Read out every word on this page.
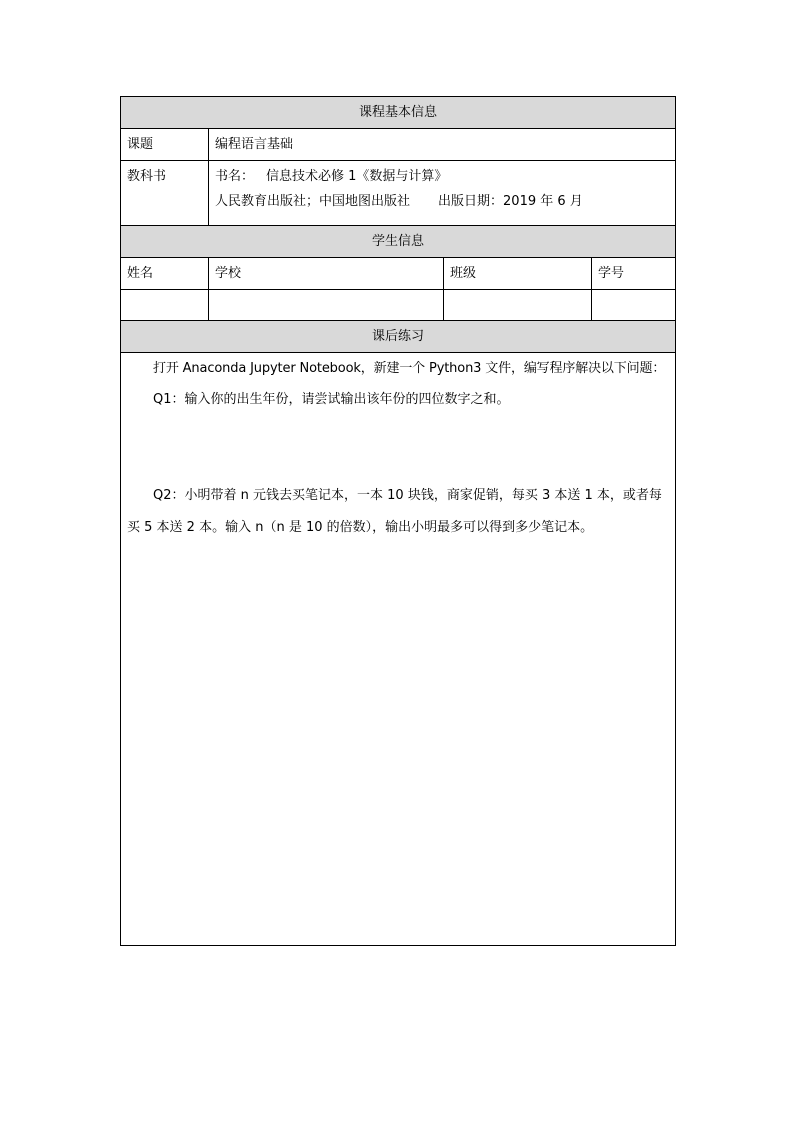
课程基本信息			
课题	编程语言基础		
教科书	书名： 信息技术必修 1《数据与计算》
人民教育出版社；中国地图出版社 出版日期：2019 年 6 月		

学生信息			
姓名	学校	班级	学号

课后练习			

打开 Anaconda Jupyter Notebook，新建一个 Python3 文件，编写程序解决以下问题：

Q1：输入你的出生年份，请尝试输出该年份的四位数字之和。

Q2：小明带着 n 元钱去买笔记本，一本 10 块钱，商家促销，每买 3 本送 1 本，或者每买 5 本送 2 本。输入 n（n 是 10 的倍数），输出小明最多可以得到多少笔记本。			
